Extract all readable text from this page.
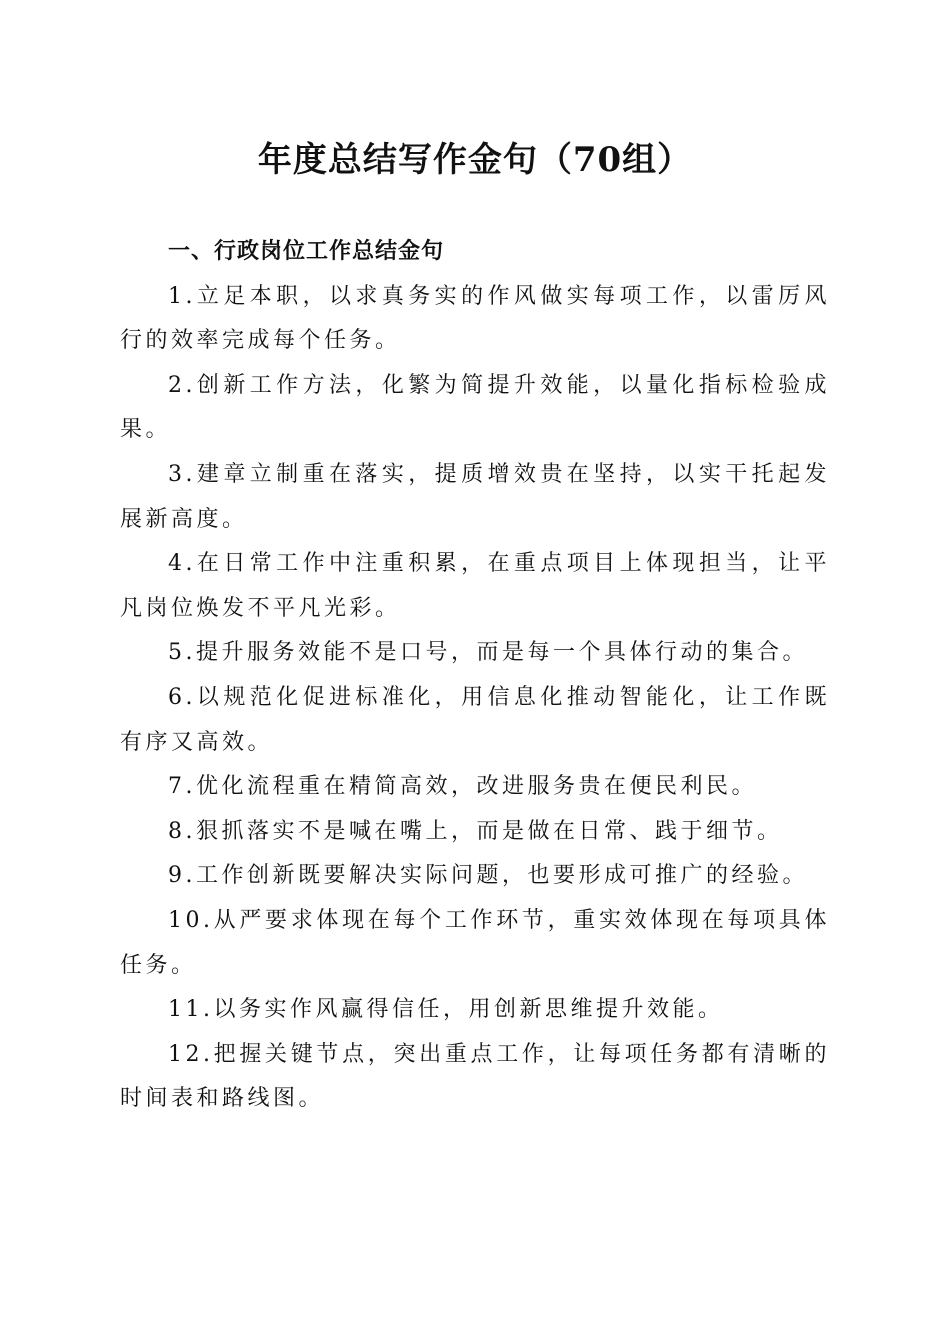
年度总结写作金句（70组）

一、行政岗位工作总结金句

1.立足本职，以求真务实的作风做实每项工作，以雷厉风行的效率完成每个任务。

2.创新工作方法，化繁为简提升效能，以量化指标检验成果。

3.建章立制重在落实，提质增效贵在坚持，以实干托起发展新高度。

4.在日常工作中注重积累，在重点项目上体现担当，让平凡岗位焕发不平凡光彩。

5.提升服务效能不是口号，而是每一个具体行动的集合。

6.以规范化促进标准化，用信息化推动智能化，让工作既有序又高效。

7.优化流程重在精简高效，改进服务贵在便民利民。

8.狠抓落实不是喊在嘴上，而是做在日常、践于细节。

9.工作创新既要解决实际问题，也要形成可推广的经验。

10.从严要求体现在每个工作环节，重实效体现在每项具体任务。

11.以务实作风赢得信任，用创新思维提升效能。

12.把握关键节点，突出重点工作，让每项任务都有清晰的时间表和路线图。
